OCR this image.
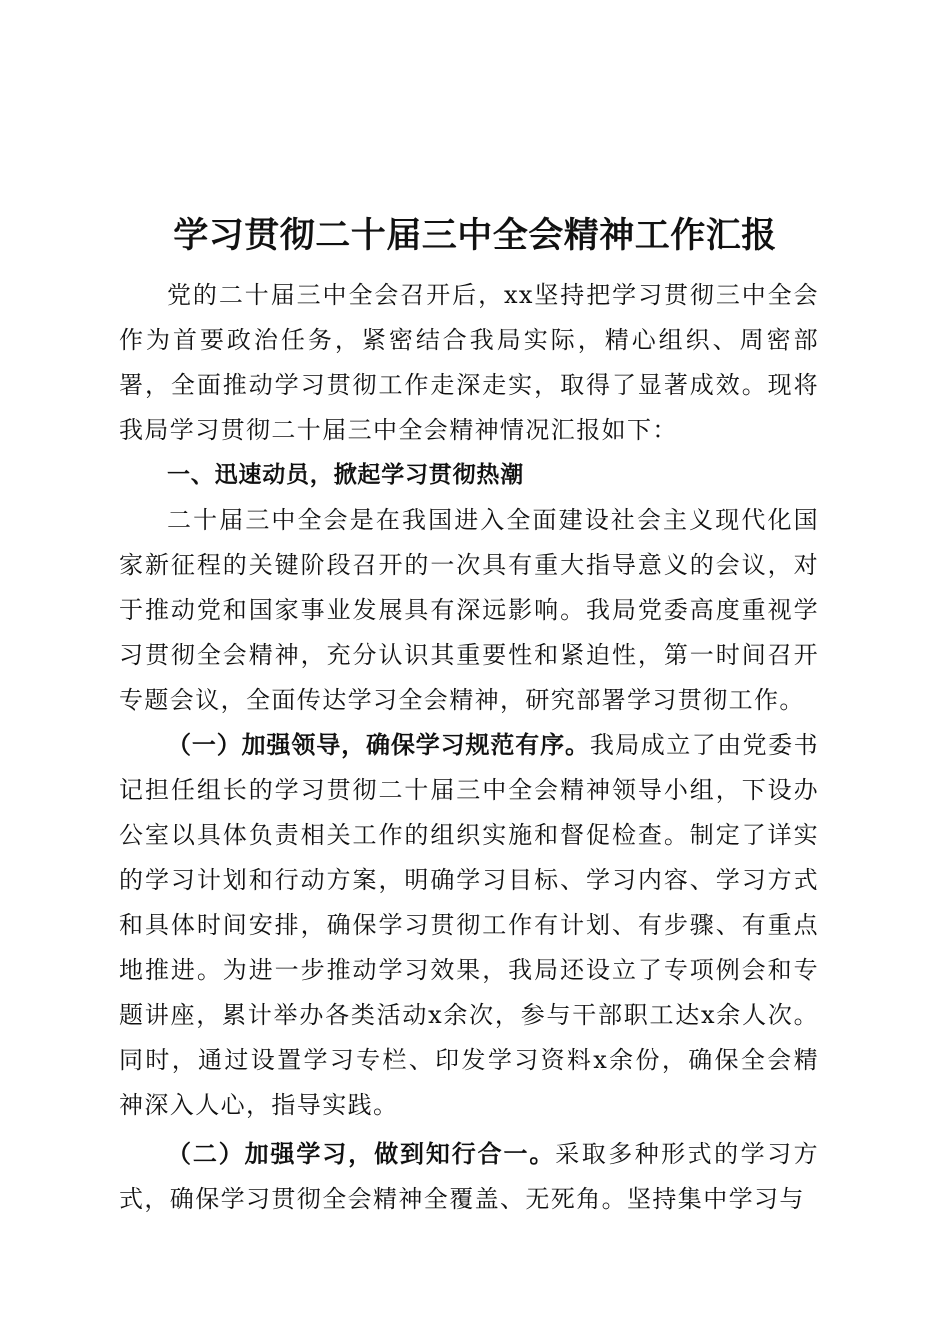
学习贯彻二十届三中全会精神工作汇报

党的二十届三中全会召开后，xx坚持把学习贯彻三中全会作为首要政治任务，紧密结合我局实际，精心组织、周密部署，全面推动学习贯彻工作走深走实，取得了显著成效。现将我局学习贯彻二十届三中全会精神情况汇报如下：

一、迅速动员，掀起学习贯彻热潮

二十届三中全会是在我国进入全面建设社会主义现代化国家新征程的关键阶段召开的一次具有重大指导意义的会议，对于推动党和国家事业发展具有深远影响。我局党委高度重视学习贯彻全会精神，充分认识其重要性和紧迫性，第一时间召开专题会议，全面传达学习全会精神，研究部署学习贯彻工作。

（一）加强领导，确保学习规范有序。我局成立了由党委书记担任组长的学习贯彻二十届三中全会精神领导小组，下设办公室以具体负责相关工作的组织实施和督促检查。制定了详实的学习计划和行动方案，明确学习目标、学习内容、学习方式和具体时间安排，确保学习贯彻工作有计划、有步骤、有重点地推进。为进一步推动学习效果，我局还设立了专项例会和专题讲座，累计举办各类活动x余次，参与干部职工达x余人次。同时，通过设置学习专栏、印发学习资料x余份，确保全会精神深入人心，指导实践。

（二）加强学习，做到知行合一。采取多种形式的学习方式，确保学习贯彻全会精神全覆盖、无死角。坚持集中学习与
